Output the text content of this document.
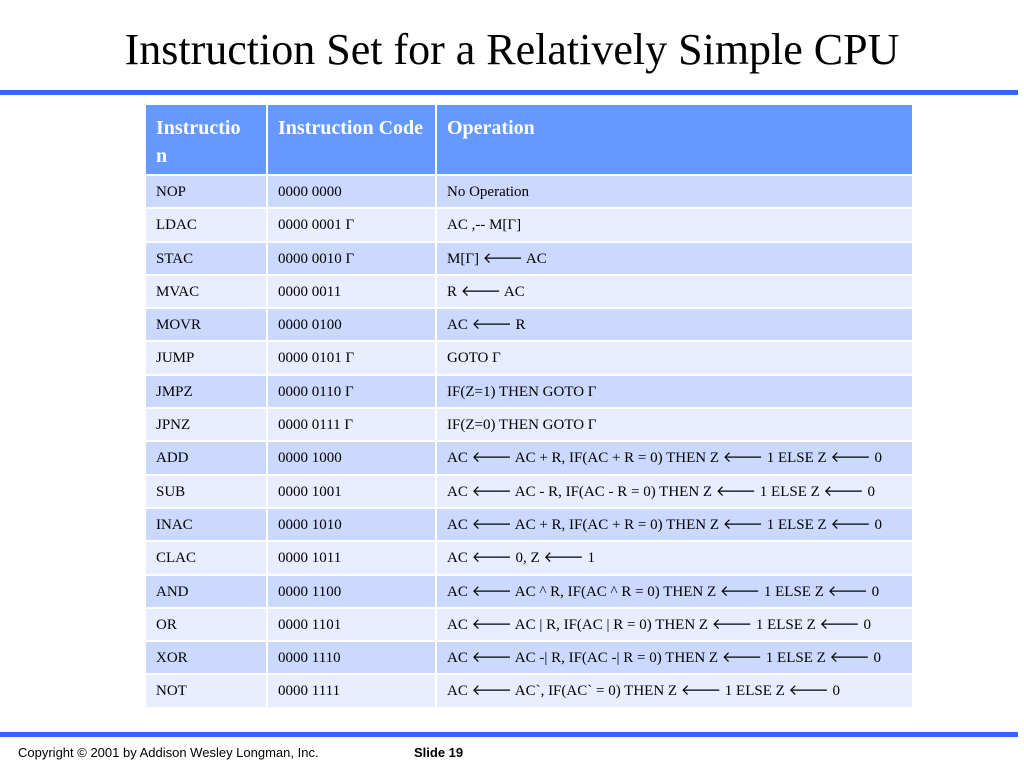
Instruction Set for a Relatively Simple CPU
Instructio n	Instruction Code	Operation
NOP	0000 0000	No Operation
LDAC	0000 0001 Γ	AC ,-- M[Γ]
STAC	0000 0010 Γ	M[Γ] 🡐 AC
MVAC	0000 0011	R 🡐 AC
MOVR	0000 0100	AC 🡐 R
JUMP	0000 0101 Γ	GOTO Γ
JMPZ	0000 0110 Γ	IF(Z=1) THEN GOTO Γ
JPNZ	0000 0111 Γ	IF(Z=0) THEN GOTO Γ
ADD	0000 1000	AC 🡐 AC + R, IF(AC + R = 0) THEN Z 🡐 1 ELSE Z 🡐 0
SUB	0000 1001	AC 🡐 AC - R, IF(AC - R = 0) THEN Z 🡐 1 ELSE Z 🡐 0
INAC	0000 1010	AC 🡐 AC + R, IF(AC + R = 0) THEN Z 🡐 1 ELSE Z 🡐 0
CLAC	0000 1011	AC 🡐 0, Z 🡐 1
AND	0000 1100	AC 🡐 AC ^ R, IF(AC ^ R = 0) THEN Z 🡐 1 ELSE Z 🡐 0
OR	0000 1101	AC 🡐 AC | R, IF(AC | R = 0) THEN Z 🡐 1 ELSE Z 🡐 0
XOR	0000 1110	AC 🡐 AC -| R, IF(AC -| R = 0) THEN Z 🡐 1 ELSE Z 🡐 0
NOT	0000 1111	AC 🡐 AC`, IF(AC` = 0) THEN Z 🡐 1 ELSE Z 🡐 0
Copyright © 2001 by Addison Wesley Longman, Inc.	Slide 19
